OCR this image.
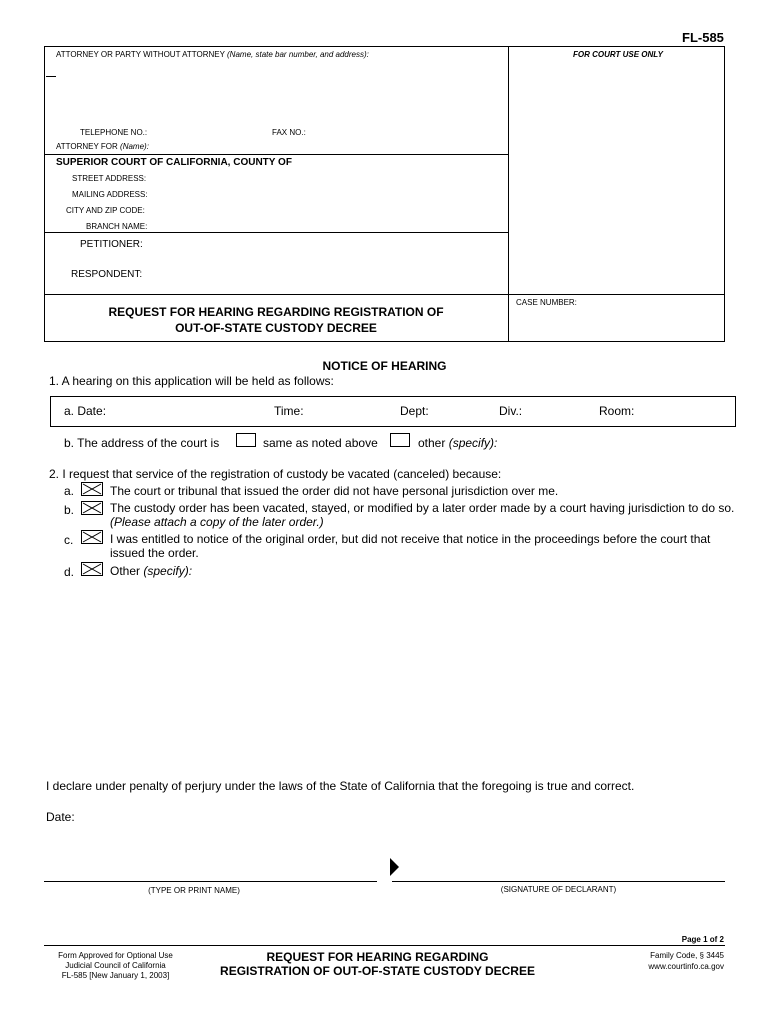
FL-585
ATTORNEY OR PARTY WITHOUT ATTORNEY (Name, state bar number, and address):	FOR COURT USE ONLY
TELEPHONE NO.:	FAX NO.:
ATTORNEY FOR (Name):
SUPERIOR COURT OF CALIFORNIA, COUNTY OF
STREET ADDRESS:
MAILING ADDRESS:
CITY AND ZIP CODE:
BRANCH NAME:
PETITIONER:
RESPONDENT:
CASE NUMBER:
REQUEST FOR HEARING REGARDING REGISTRATION OF
OUT-OF-STATE CUSTODY DECREE
NOTICE OF HEARING
1. A hearing on this application will be held as follows:
a. Date:	Time:	Dept:	Div.:	Room:
b. The address of the court is	same as noted above	other (specify):
2. I request that service of the registration of custody be vacated (canceled) because:
a.	The court or tribunal that issued the order did not have personal jurisdiction over me.
b.	The custody order has been vacated, stayed, or modified by a later order made by a court having jurisdiction to do so.
(Please attach a copy of the later order.)
c.	I was entitled to notice of the original order, but did not receive that notice in the proceedings before the court that
issued the order.
d.	Other (specify):
I declare under penalty of perjury under the laws of the State of California that the foregoing is true and correct.
Date:
(TYPE OR PRINT NAME)	(SIGNATURE OF DECLARANT)
Page 1 of 2
Form Approved for Optional Use
Judicial Council of California
FL-585 [New January 1, 2003]
REQUEST FOR HEARING REGARDING
REGISTRATION OF OUT-OF-STATE CUSTODY DECREE
Family Code, § 3445
www.courtinfo.ca.gov
